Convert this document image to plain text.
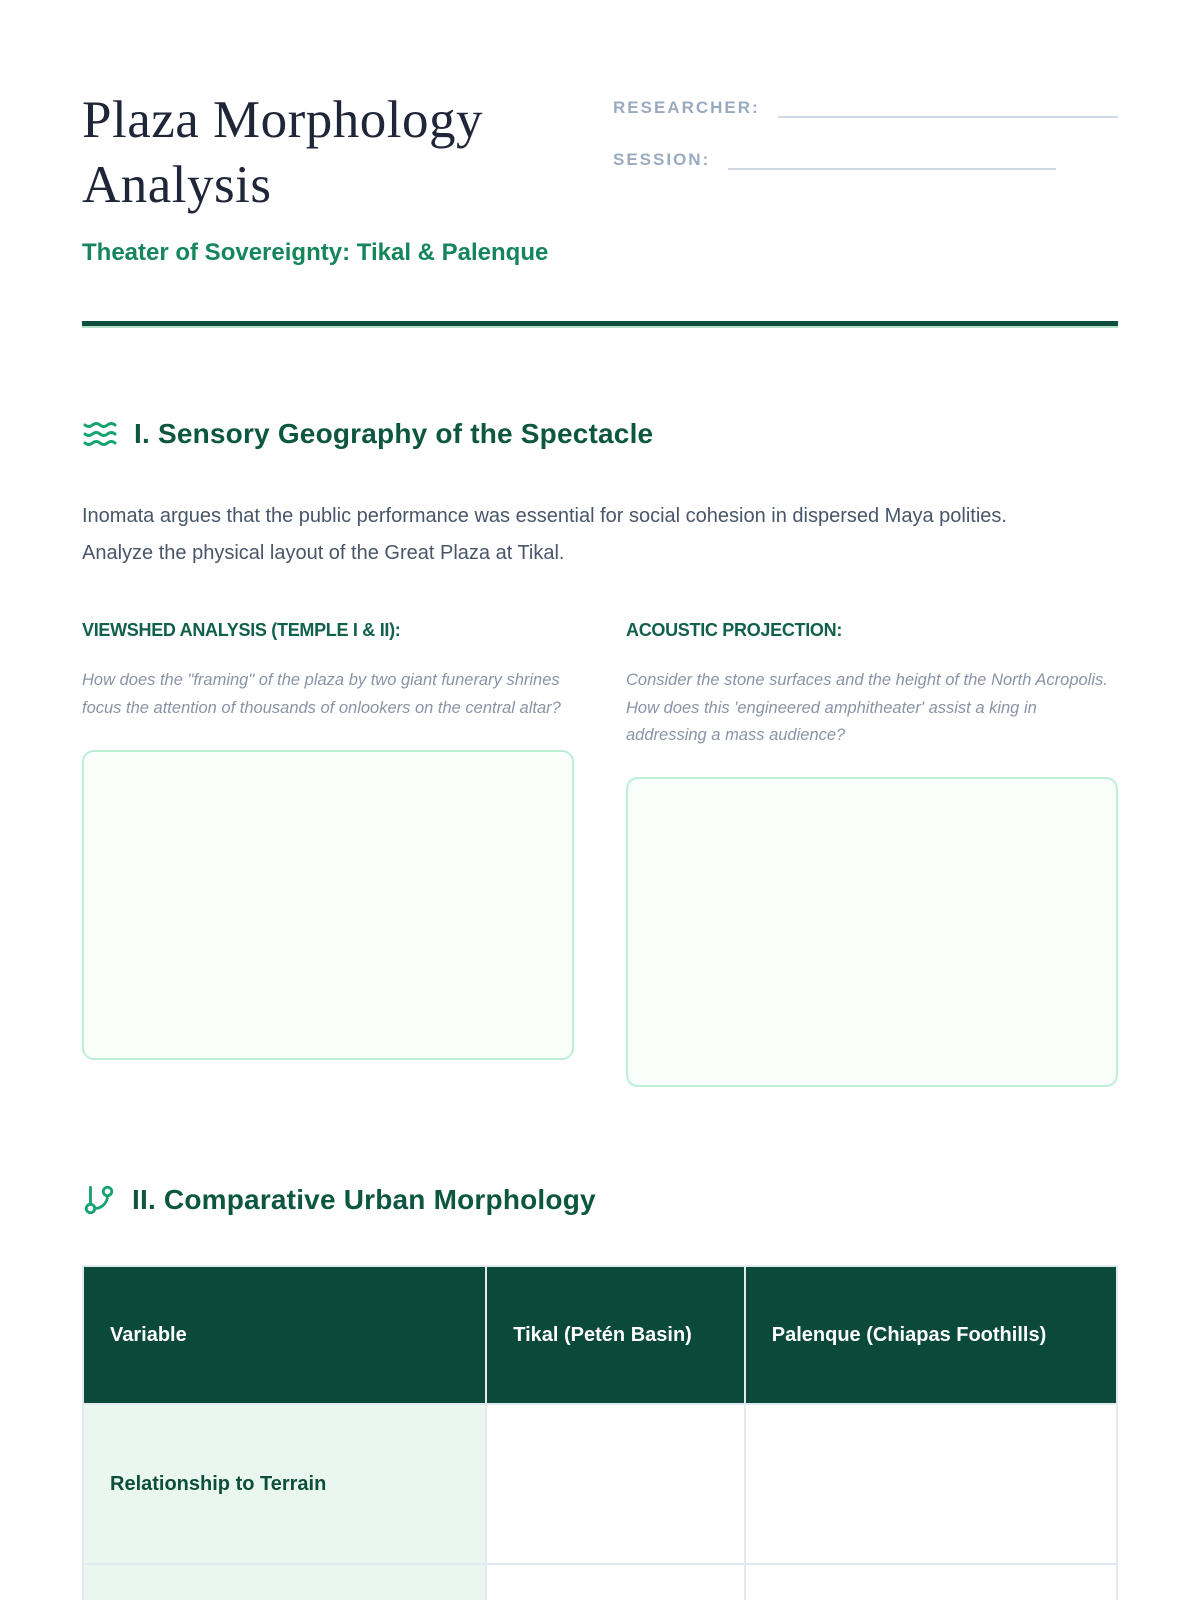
Plaza Morphology Analysis
Theater of Sovereignty: Tikal & Palenque
RESEARCHER:
SESSION:
I. Sensory Geography of the Spectacle

Inomata argues that the public performance was essential for social cohesion in dispersed Maya polities. Analyze the physical layout of the Great Plaza at Tikal.

VIEWSHED ANALYSIS (TEMPLE I & II):
How does the "framing" of the plaza by two giant funerary shrines focus the attention of thousands of onlookers on the central altar?
ACOUSTIC PROJECTION:
Consider the stone surfaces and the height of the North Acropolis. How does this 'engineered amphitheater' assist a king in addressing a mass audience?
II. Comparative Urban Morphology
Variable	Tikal (Petén Basin)	Palenque (Chiapas Foothills)
Relationship to Terrain		
